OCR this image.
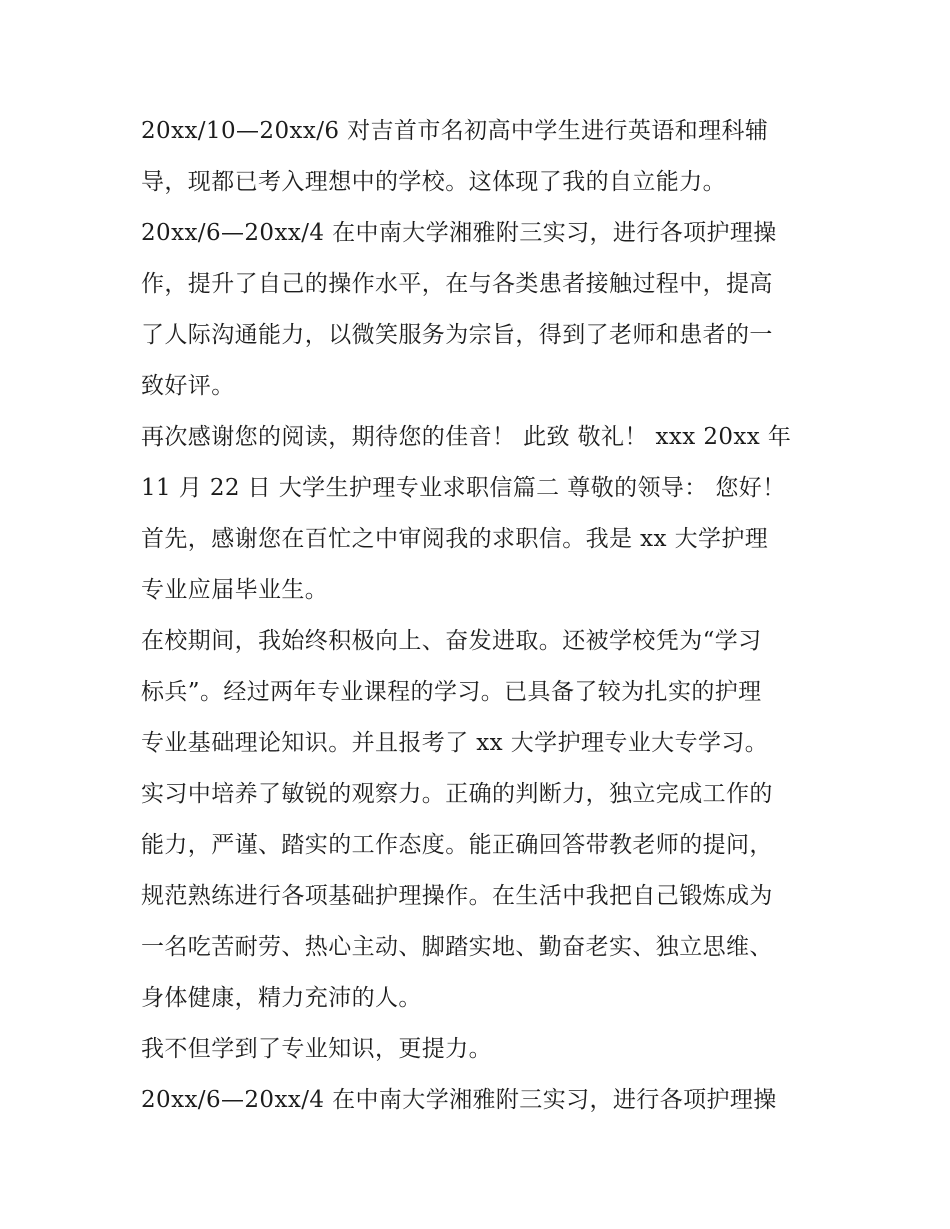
20xx/10—20xx/6 对吉首市名初高中学生进行英语和理科辅
导，现都已考入理想中的学校。这体现了我的自立能力。
20xx/6—20xx/4 在中南大学湘雅附三实习，进行各项护理操
作，提升了自己的操作水平，在与各类患者接触过程中，提高
了人际沟通能力，以微笑服务为宗旨，得到了老师和患者的一
致好评。
再次感谢您的阅读，期待您的佳音！ 此致 敬礼！ xxx 20xx 年
11 月 22 日 大学生护理专业求职信篇二 尊敬的领导： 您好！
首先，感谢您在百忙之中审阅我的求职信。我是 xx 大学护理
专业应届毕业生。
在校期间，我始终积极向上、奋发进取。还被学校凭为“学习
标兵”。经过两年专业课程的学习。已具备了较为扎实的护理
专业基础理论知识。并且报考了 xx 大学护理专业大专学习。
实习中培养了敏锐的观察力。正确的判断力，独立完成工作的
能力，严谨、踏实的工作态度。能正确回答带教老师的提问，
规范熟练进行各项基础护理操作。在生活中我把自己锻炼成为
一名吃苦耐劳、热心主动、脚踏实地、勤奋老实、独立思维、
身体健康，精力充沛的人。
我不但学到了专业知识，更提力。
20xx/6—20xx/4 在中南大学湘雅附三实习，进行各项护理操
